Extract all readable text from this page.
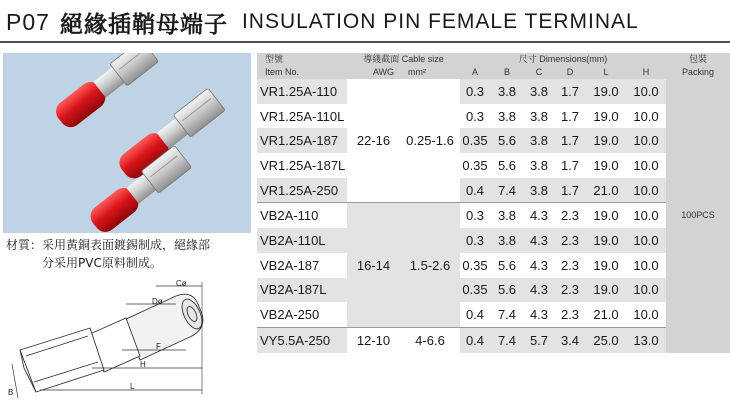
P07 絕緣插鞘母端子 INSULATION PIN FEMALE TERMINAL
材質：采用黃銅表面鍍錫制成，絕緣部
分采用PVC原料制成。
Cø
Dø
F
H
L
B
型號	導綫截面 Cable size		尺寸 Dimensions(mm)						包裝
Item No.	AWG	mm²	A	B	C	D	L	H	Packing
VR1.25A-110	22-16	0.25-1.6	0.3	3.8	3.8	1.7	19.0	10.0	100PCS
VR1.25A-110L			0.3	3.8	3.8	1.7	19.0	10.0	
VR1.25A-187			0.35	5.6	3.8	1.7	19.0	10.0	
VR1.25A-187L			0.35	5.6	3.8	1.7	19.0	10.0	
VR1.25A-250			0.4	7.4	3.8	1.7	21.0	10.0	
VB2A-110	16-14	1.5-2.6	0.3	3.8	4.3	2.3	19.0	10.0	
VB2A-110L			0.3	3.8	4.3	2.3	19.0	10.0	
VB2A-187			0.35	5.6	4.3	2.3	19.0	10.0	
VB2A-187L			0.35	5.6	4.3	2.3	19.0	10.0	
VB2A-250			0.4	7.4	4.3	2.3	21.0	10.0	
VY5.5A-250	12-10	4-6.6	0.4	7.4	5.7	3.4	25.0	13.0	
